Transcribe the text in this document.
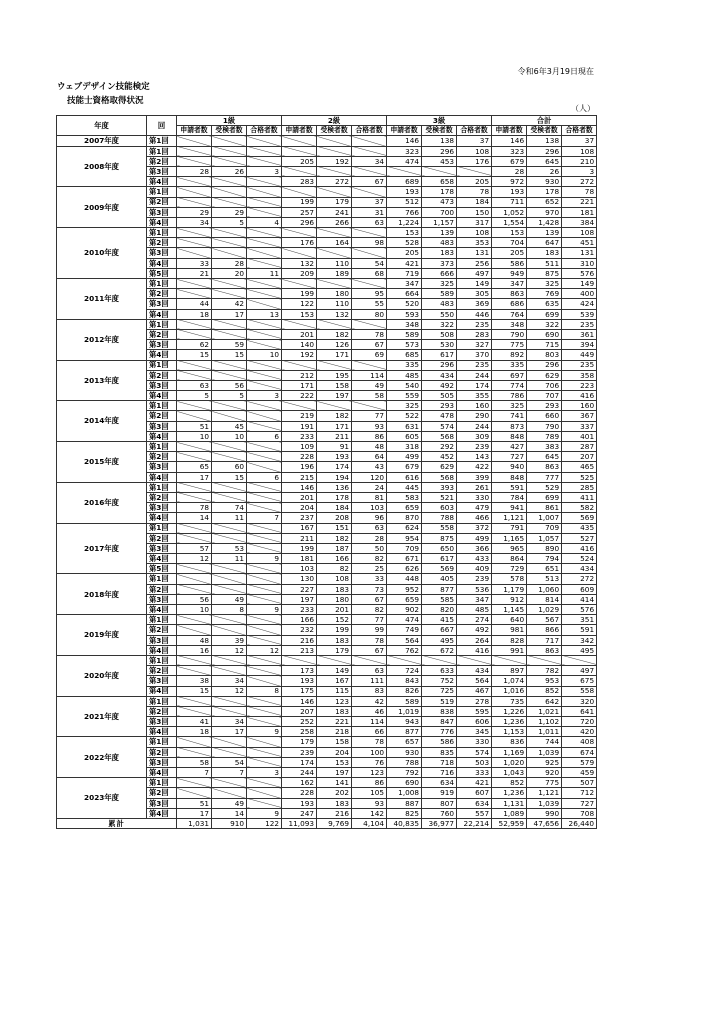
令和6年3月19日現在
ウェブデザイン技能検定
技能士資格取得状況
（人）
年度	回	1級			2級			3級			合計		
		申請者数	受検者数	合格者数	申請者数	受検者数	合格者数	申請者数	受検者数	合格者数	申請者数	受検者数	合格者数
2007年度	第1回							146	138	37	146	138	37
2008年度	第1回							323	296	108	323	296	108
	第2回				205	192	34	474	453	176	679	645	210
	第3回	28	26	3							28	26	3
	第4回				283	272	67	689	658	205	972	930	272
2009年度	第1回							193	178	78	193	178	78
	第2回				199	179	37	512	473	184	711	652	221
	第3回	29	29		257	241	31	766	700	150	1,052	970	181
	第4回	34	5	4	296	266	63	1,224	1,157	317	1,554	1,428	384
2010年度	第1回							153	139	108	153	139	108
	第2回				176	164	98	528	483	353	704	647	451
	第3回							205	183	131	205	183	131
	第4回	33	28		132	110	54	421	373	256	586	511	310
	第5回	21	20	11	209	189	68	719	666	497	949	875	576
2011年度	第1回							347	325	149	347	325	149
	第2回				199	180	95	664	589	305	863	769	400
	第3回	44	42		122	110	55	520	483	369	686	635	424
	第4回	18	17	13	153	132	80	593	550	446	764	699	539
2012年度	第1回							348	322	235	348	322	235
	第2回				201	182	78	589	508	283	790	690	361
	第3回	62	59		140	126	67	573	530	327	775	715	394
	第4回	15	15	10	192	171	69	685	617	370	892	803	449
2013年度	第1回							335	296	235	335	296	235
	第2回				212	195	114	485	434	244	697	629	358
	第3回	63	56		171	158	49	540	492	174	774	706	223
	第4回	5	5	3	222	197	58	559	505	355	786	707	416
2014年度	第1回							325	293	160	325	293	160
	第2回				219	182	77	522	478	290	741	660	367
	第3回	51	45		191	171	93	631	574	244	873	790	337
	第4回	10	10	6	233	211	86	605	568	309	848	789	401
2015年度	第1回				109	91	48	318	292	239	427	383	287
	第2回				228	193	64	499	452	143	727	645	207
	第3回	65	60		196	174	43	679	629	422	940	863	465
	第4回	17	15	6	215	194	120	616	568	399	848	777	525
2016年度	第1回				146	136	24	445	393	261	591	529	285
	第2回				201	178	81	583	521	330	784	699	411
	第3回	78	74		204	184	103	659	603	479	941	861	582
	第4回	14	11	7	237	208	96	870	788	466	1,121	1,007	569
2017年度	第1回				167	151	63	624	558	372	791	709	435
	第2回				211	182	28	954	875	499	1,165	1,057	527
	第3回	57	53		199	187	50	709	650	366	965	890	416
	第4回	12	11	9	181	166	82	671	617	433	864	794	524
	第5回				103	82	25	626	569	409	729	651	434
2018年度	第1回				130	108	33	448	405	239	578	513	272
	第2回				227	183	73	952	877	536	1,179	1,060	609
	第3回	56	49		197	180	67	659	585	347	912	814	414
	第4回	10	8	9	233	201	82	902	820	485	1,145	1,029	576
2019年度	第1回				166	152	77	474	415	274	640	567	351
	第2回				232	199	99	749	667	492	981	866	591
	第3回	48	39		216	183	78	564	495	264	828	717	342
	第4回	16	12	12	213	179	67	762	672	416	991	863	495
2020年度	第1回												
	第2回				173	149	63	724	633	434	897	782	497
	第3回	38	34		193	167	111	843	752	564	1,074	953	675
	第4回	15	12	8	175	115	83	826	725	467	1,016	852	558
2021年度	第1回				146	123	42	589	519	278	735	642	320
	第2回				207	183	46	1,019	838	595	1,226	1,021	641
	第3回	41	34		252	221	114	943	847	606	1,236	1,102	720
	第4回	18	17	9	258	218	66	877	776	345	1,153	1,011	420
2022年度	第1回				179	158	78	657	586	330	836	744	408
	第2回				239	204	100	930	835	574	1,169	1,039	674
	第3回	58	54		174	153	76	788	718	503	1,020	925	579
	第4回	7	7	3	244	197	123	792	716	333	1,043	920	459
2023年度	第1回				162	141	86	690	634	421	852	775	507
	第2回				228	202	105	1,008	919	607	1,236	1,121	712
	第3回	51	49		193	183	93	887	807	634	1,131	1,039	727
	第4回	17	14	9	247	216	142	825	760	557	1,089	990	708
累計		1,031	910	122	11,093	9,769	4,104	40,835	36,977	22,214	52,959	47,656	26,440
